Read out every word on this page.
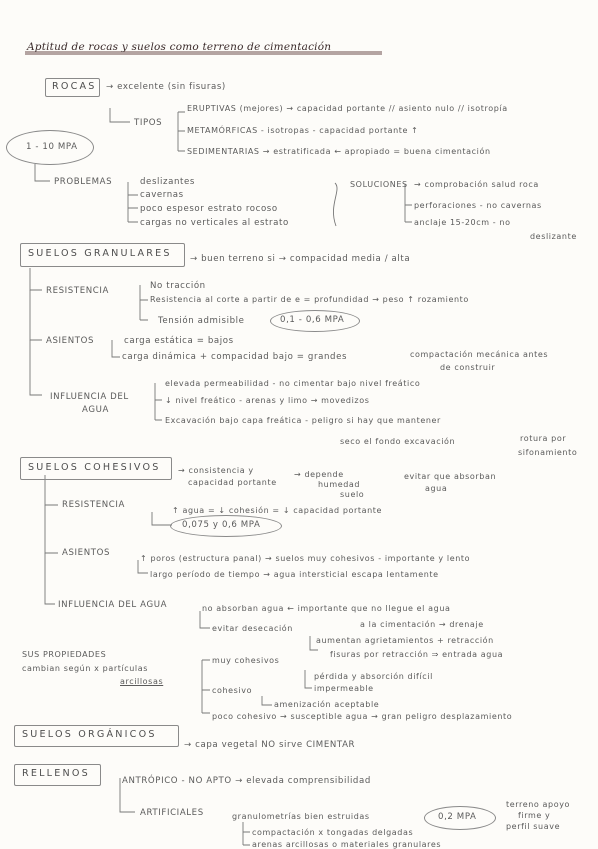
Aptitud de rocas y suelos como terreno de cimentación
ROCAS → excelente (sin fisuras)
1 - 10 MPA
TIPOS
ERUPTIVAS (mejores) → capacidad portante // asiento nulo // isotropía
METAMÓRFICAS - isotropas - capacidad portante ↑
SEDIMENTARIAS → estratificada ← apropiado = buena cimentación
PROBLEMAS	deslizantes
cavernas
poco espesor estrato rocoso
cargas no verticales al estrato
SOLUCIONES → comprobación salud roca
perforaciones - no cavernas
anclaje 15-20cm - no
deslizante
SUELOS GRANULARES → buen terreno si → compacidad media / alta
RESISTENCIA	No tracción
Resistencia al corte a partir de e = profundidad → peso ↑ rozamiento
Tensión admisible	0,1 - 0,6 MPA
ASIENTOS	carga estática = bajos
carga dinámica + compacidad bajo = grandes	compactación mecánica antes
de construir
INFLUENCIA DEL
AGUA
elevada permeabilidad - no cimentar bajo nivel freático
↓ nivel freático - arenas y limo → movedizos
Excavación bajo capa freática - peligro si hay que mantener
seco el fondo excavación	rotura por
sifonamiento
SUELOS COHESIVOS → consistencia y
capacidad portante
→ depende
humedad
suelo
evitar que absorban
agua
RESISTENCIA
↑ agua = ↓ cohesión = ↓ capacidad portante
0,075 y 0,6 MPA
ASIENTOS
↑ poros (estructura panal) → suelos muy cohesivos - importante y lento
largo período de tiempo → agua intersticial escapa lentamente
INFLUENCIA DEL AGUA	no absorban agua ← importante que no llegue el agua
a la cimentación → drenaje
evitar desecación
aumentan agrietamientos + retracción
fisuras por retracción ⇒ entrada agua
SUS PROPIEDADES
cambian según x partículas
arcillosas
muy cohesivos
pérdida y absorción difícil
impermeable
cohesivo
amenización aceptable
poco cohesivo → susceptible agua → gran peligro desplazamiento
SUELOS ORGÁNICOS
→ capa vegetal NO sirve CIMENTAR
RELLENOS
ANTRÓPICO - NO APTO → elevada comprensibilidad
ARTIFICIALES	granulometrías bien estruidas
compactación x tongadas delgadas
arenas arcillosas o materiales granulares
0,2 MPA
terreno apoyo
firme y
perfil suave
